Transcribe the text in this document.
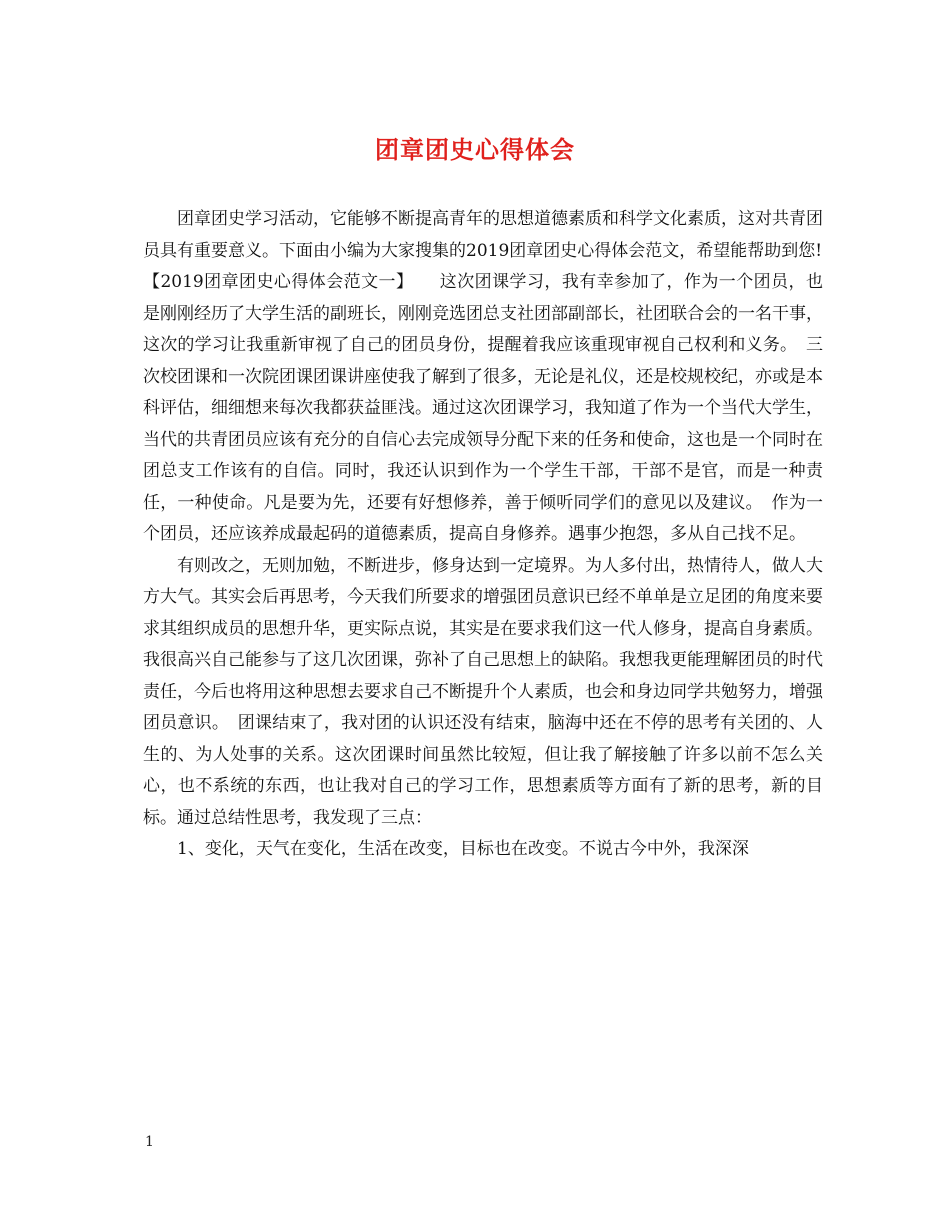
团章团史心得体会

团章团史学习活动，它能够不断提高青年的思想道德素质和科学文化素质，这对共青团员具有重要意义。下面由小编为大家搜集的2019团章团史心得体会范文，希望能帮助到您!

【2019团章团史心得体会范文一】　　这次团课学习，我有幸参加了，作为一个团员，也是刚刚经历了大学生活的副班长，刚刚竞选团总支社团部副部长，社团联合会的一名干事，这次的学习让我重新审视了自己的团员身份，提醒着我应该重现审视自己权利和义务。　三次校团课和一次院团课团课讲座使我了解到了很多，无论是礼仪，还是校规校纪，亦或是本科评估，细细想来每次我都获益匪浅。通过这次团课学习，我知道了作为一个当代大学生，当代的共青团员应该有充分的自信心去完成领导分配下来的任务和使命，这也是一个同时在团总支工作该有的自信。同时，我还认识到作为一个学生干部，干部不是官，而是一种责任，一种使命。凡是要为先，还要有好想修养，善于倾听同学们的意见以及建议。　作为一个团员，还应该养成最起码的道德素质，提高自身修养。遇事少抱怨，多从自己找不足。

有则改之，无则加勉，不断进步，修身达到一定境界。为人多付出，热情待人，做人大方大气。其实会后再思考，今天我们所要求的增强团员意识已经不单单是立足团的角度来要求其组织成员的思想升华，更实际点说，其实是在要求我们这一代人修身，提高自身素质。我很高兴自己能参与了这几次团课，弥补了自己思想上的缺陷。我想我更能理解团员的时代责任，今后也将用这种思想去要求自己不断提升个人素质，也会和身边同学共勉努力，增强团员意识。　团课结束了，我对团的认识还没有结束，脑海中还在不停的思考有关团的、人生的、为人处事的关系。这次团课时间虽然比较短，但让我了解接触了许多以前不怎么关心，也不系统的东西，也让我对自己的学习工作，思想素质等方面有了新的思考，新的目标。通过总结性思考，我发现了三点：

1、变化，天气在变化，生活在改变，目标也在改变。不说古今中外，我深深

1
